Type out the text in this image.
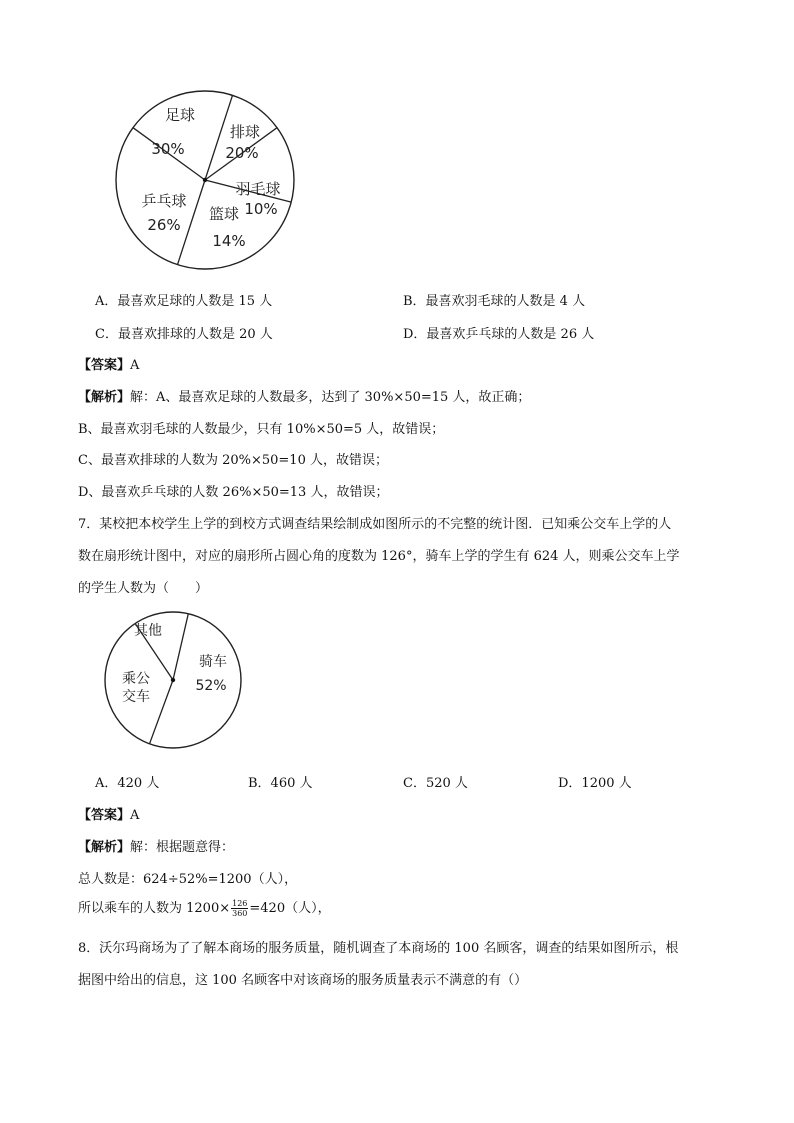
足球
30%
排球
20%
羽毛球
10%
篮球
14%
乒乓球
26%
A．最喜欢足球的人数是 15 人	B．最喜欢羽毛球的人数是 4 人
C．最喜欢排球的人数是 20 人	D．最喜欢乒乓球的人数是 26 人
【答案】A
【解析】解：A、最喜欢足球的人数最多，达到了 30%×50=15 人，故正确；
B、最喜欢羽毛球的人数最少，只有 10%×50=5 人，故错误；
C、最喜欢排球的人数为 20%×50=10 人，故错误；
D、最喜欢乒乓球的人数 26%×50=13 人，故错误；
7．某校把本校学生上学的到校方式调查结果绘制成如图所示的不完整的统计图．已知乘公交车上学的人
数在扇形统计图中，对应的扇形所占圆心角的度数为 126°，骑车上学的学生有 624 人，则乘公交车上学
的学生人数为（　　）
骑车
52%
其他
乘公
交车
A．420 人	B．460 人	C．520 人	D．1200 人
【答案】A
【解析】解：根据题意得：
总人数是：624÷52%=1200（人），
所以乘车的人数为 $1200\times \frac{126}{360} =420$（人），
8．沃尔玛商场为了了解本商场的服务质量，随机调查了本商场的 100 名顾客，调查的结果如图所示，根
据图中给出的信息，这 100 名顾客中对该商场的服务质量表示不满意的有（）
